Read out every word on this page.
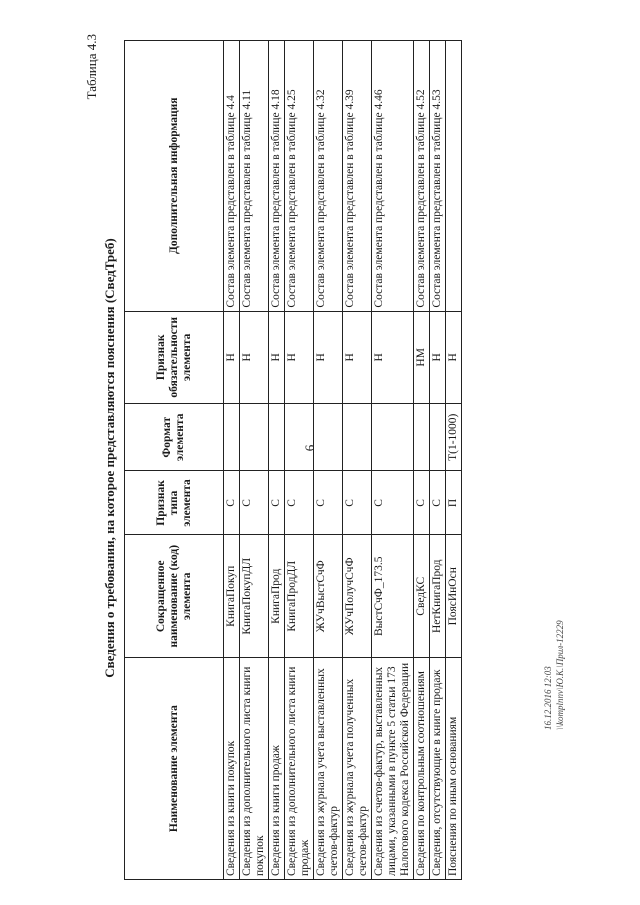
6
Таблица 4.3
Сведения о требовании, на которое представляются пояснения (СведТреб)
Наименование элемента	Сокращенное наименование (код) элемента	Признак типа элемента	Формат элемента	Признак обязательности элемента	Дополнительная информация
Сведения из книги покупок	КнигаПокуп	С		Н	Состав элемента представлен в таблице 4.4
Сведения из дополнительного листа книги покупок	КнигаПокупДЛ	С		Н	Состав элемента представлен в таблице 4.11
Сведения из книги продаж	КнигаПрод	С		Н	Состав элемента представлен в таблице 4.18
Сведения из дополнительного листа книги продаж	КнигаПродДЛ	С		Н	Состав элемента представлен в таблице 4.25
Сведения из журнала учета выставленных счетов-фактур	ЖУчВыстСчФ	С		Н	Состав элемента представлен в таблице 4.32
Сведения из журнала учета полученных счетов-фактур	ЖУчПолучСчФ	С		Н	Состав элемента представлен в таблице 4.39
Сведения из счетов-фактур, выставленных лицами, указанными в пункте 5 статьи 173 Налогового кодекса Российской Федерации	ВыстСчФ_173.5	С		Н	Состав элемента представлен в таблице 4.46
Сведения по контрольным соотношениям	СведКС	С		НМ	Состав элемента представлен в таблице 4.52
Сведения, отсутствующие в книге продаж	НетКнигаПрод	С		Н	Состав элемента представлен в таблице 4.53
Пояснения по иным основаниям	ПоясИнОсн	П	T(1-1000)	Н	
16.12.2016 12:03 \\komplnnv\Ю.К.\Прил-12229
